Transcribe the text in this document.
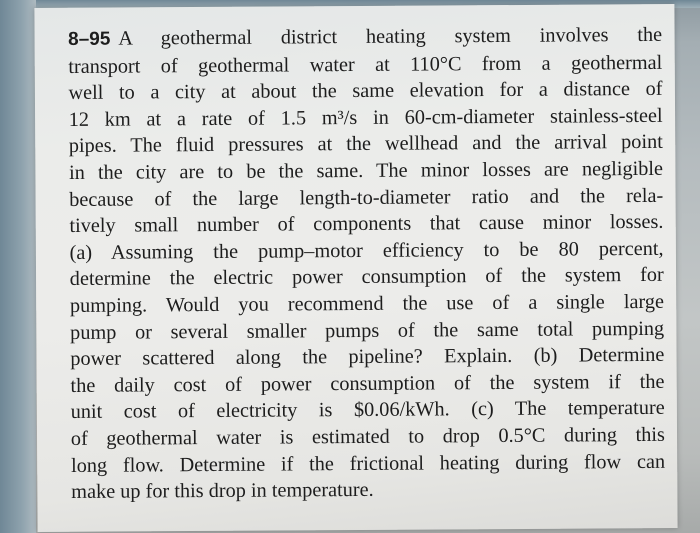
8–95 A geothermal district heating system involves the
transport of geothermal water at 110°C from a geothermal
well to a city at about the same elevation for a distance of
12 km at a rate of 1.5 m³/s in 60-cm-diameter stainless-steel
pipes. The fluid pressures at the wellhead and the arrival point
in the city are to be the same. The minor losses are negligible
because of the large length-to-diameter ratio and the rela-
tively small number of components that cause minor losses.
(a) Assuming the pump–motor efficiency to be 80 percent,
determine the electric power consumption of the system for
pumping. Would you recommend the use of a single large
pump or several smaller pumps of the same total pumping
power scattered along the pipeline? Explain. (b) Determine
the daily cost of power consumption of the system if the
unit cost of electricity is $0.06/kWh. (c) The temperature
of geothermal water is estimated to drop 0.5°C during this
long flow. Determine if the frictional heating during flow can
make up for this drop in temperature.
